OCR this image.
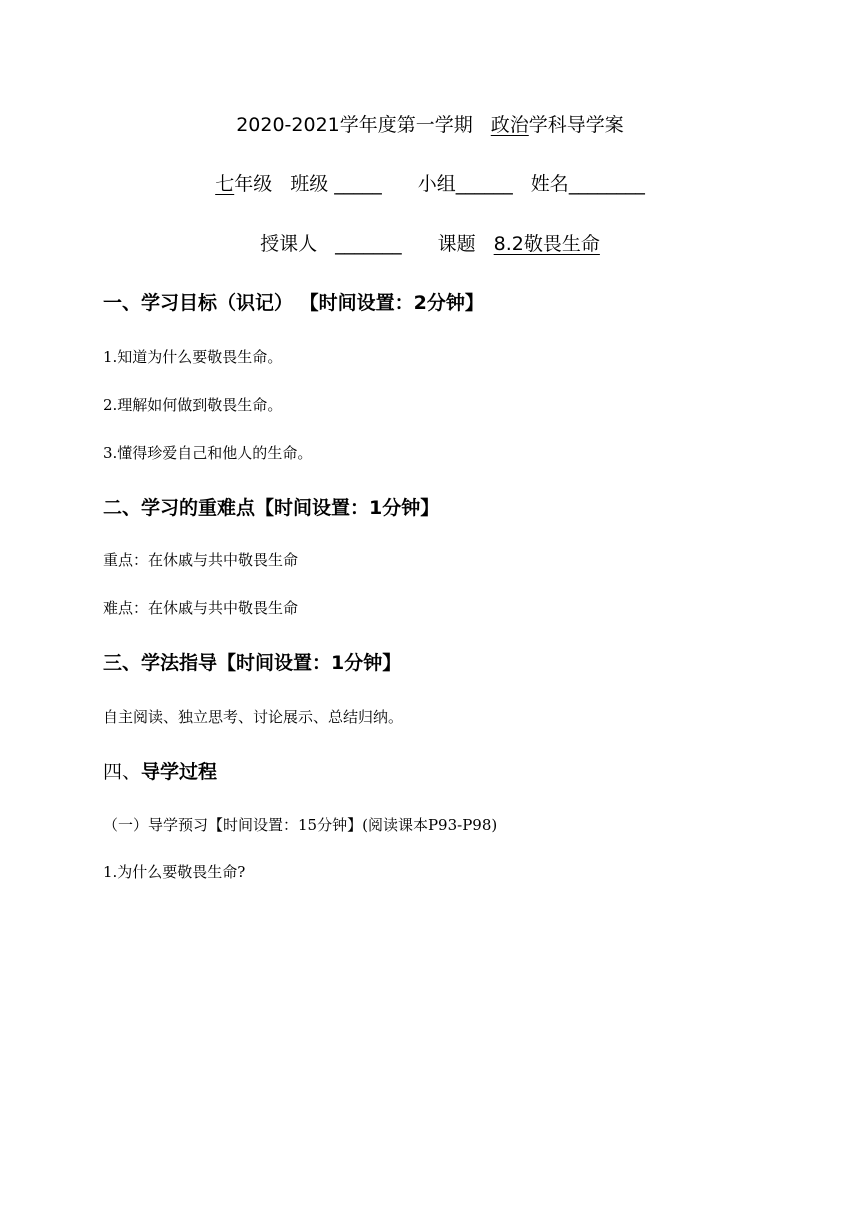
2020-2021学年度第一学期 政治学科导学案
七年级 班级 _____ 小组______ 姓名________
授课人 _______ 课题 8.2敬畏生命
一、学习目标（识记） 【时间设置：2分钟】
1.知道为什么要敬畏生命。
2.理解如何做到敬畏生命。
3.懂得珍爱自己和他人的生命。
二、学习的重难点【时间设置：1分钟】
重点：在休戚与共中敬畏生命
难点：在休戚与共中敬畏生命
三、学法指导【时间设置：1分钟】
自主阅读、独立思考、讨论展示、总结归纳。
四、导学过程
（一）导学预习【时间设置：15分钟】(阅读课本P93-P98)
1.为什么要敬畏生命?
